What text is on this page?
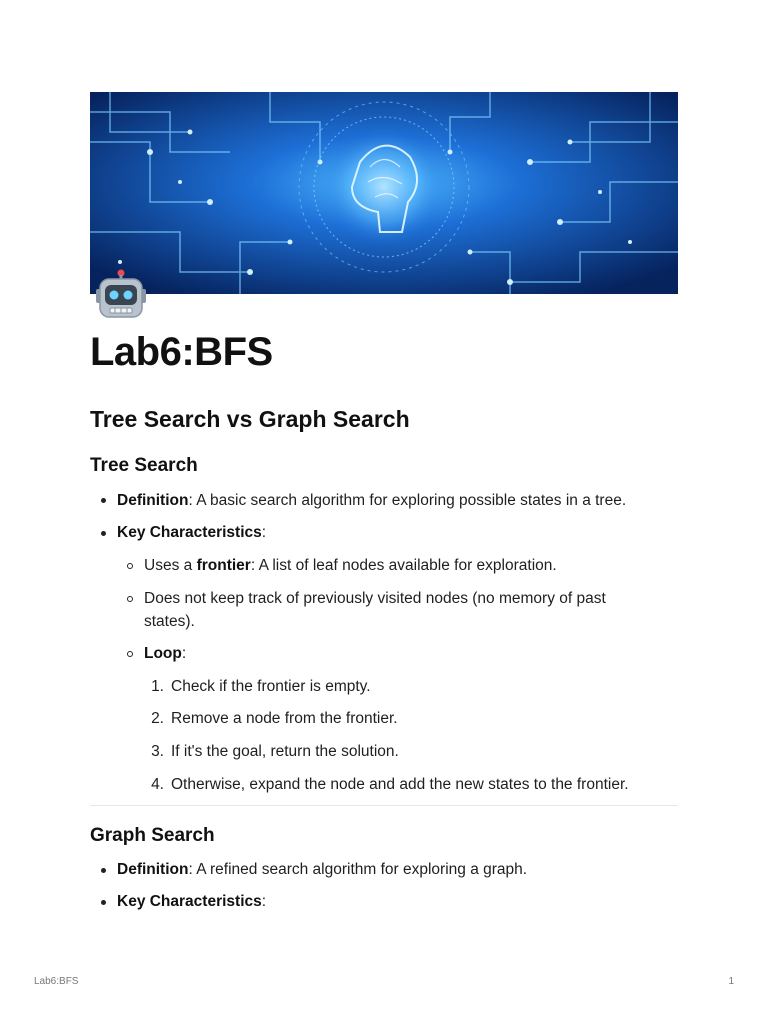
Lab6:BFS
Tree Search vs Graph Search
Tree Search
Definition: A basic search algorithm for exploring possible states in a tree.
Key Characteristics:
Uses a frontier: A list of leaf nodes available for exploration.
Does not keep track of previously visited nodes (no memory of past
states).
Loop:
1. Check if the frontier is empty.
2. Remove a node from the frontier.
3. If it's the goal, return the solution.
4. Otherwise, expand the node and add the new states to the frontier.
Graph Search
Definition: A refined search algorithm for exploring a graph.
Key Characteristics:
Lab6:BFS	1
